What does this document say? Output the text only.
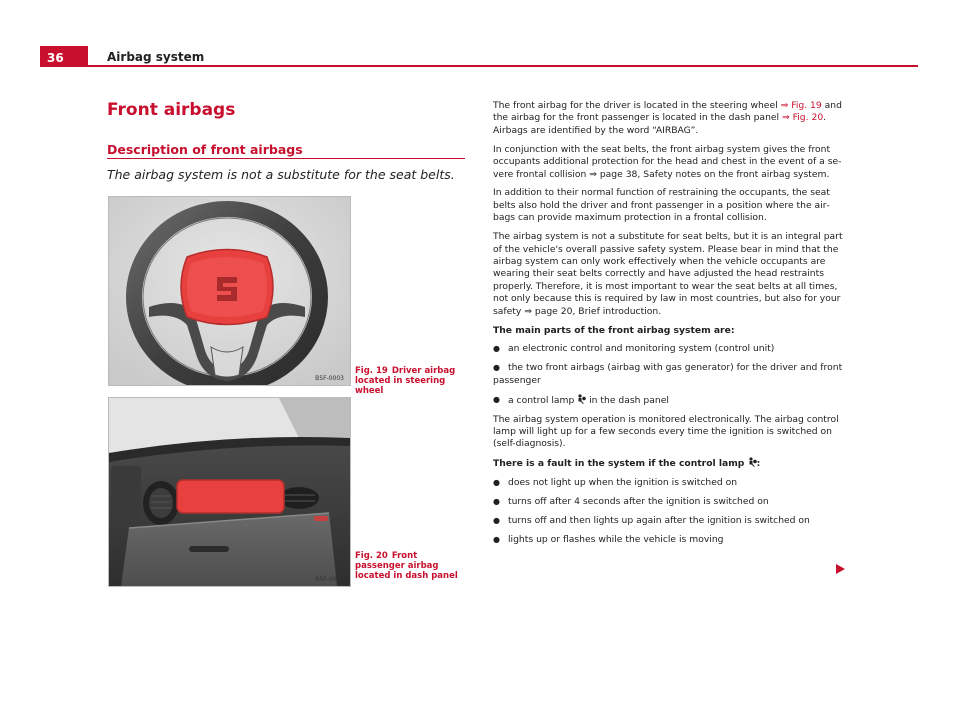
36	Airbag system
Front airbags
Description of front airbags

The airbag system is not a substitute for the seat belts.

B5F-0003
Fig. 19 Driver airbag located in steering wheel
B5F-0004
Fig. 20 Front passenger airbag located in dash panel

The front airbag for the driver is located in the steering wheel ⇒ Fig. 19 and the airbag for the front passenger is located in the dash panel ⇒ Fig. 20. Airbags are identified by the word “AIRBAG”.

In conjunction with the seat belts, the front airbag system gives the front occupants additional protection for the head and chest in the event of a severe frontal collision ⇒ page 38, Safety notes on the front airbag system.

In addition to their normal function of restraining the occupants, the seat belts also hold the driver and front passenger in a position where the airbags can provide maximum protection in a frontal collision.

The airbag system is not a substitute for seat belts, but it is an integral part of the vehicle's overall passive safety system. Please bear in mind that the airbag system can only work effectively when the vehicle occupants are wearing their seat belts correctly and have adjusted the head restraints properly. Therefore, it is most important to wear the seat belts at all times, not only because this is required by law in most countries, but also for your safety ⇒ page 20, Brief introduction.

The main parts of the front airbag system are:

● an electronic control and monitoring system (control unit)
● the two front airbags (airbag with gas generator) for the driver and front passenger
● a control lamp  in the dash panel

The airbag system operation is monitored electronically. The airbag control lamp will light up for a few seconds every time the ignition is switched on (self-diagnosis).

There is a fault in the system if the control lamp :

● does not light up when the ignition is switched on
● turns off after 4 seconds after the ignition is switched on
● turns off and then lights up again after the ignition is switched on
● lights up or flashes while the vehicle is moving
